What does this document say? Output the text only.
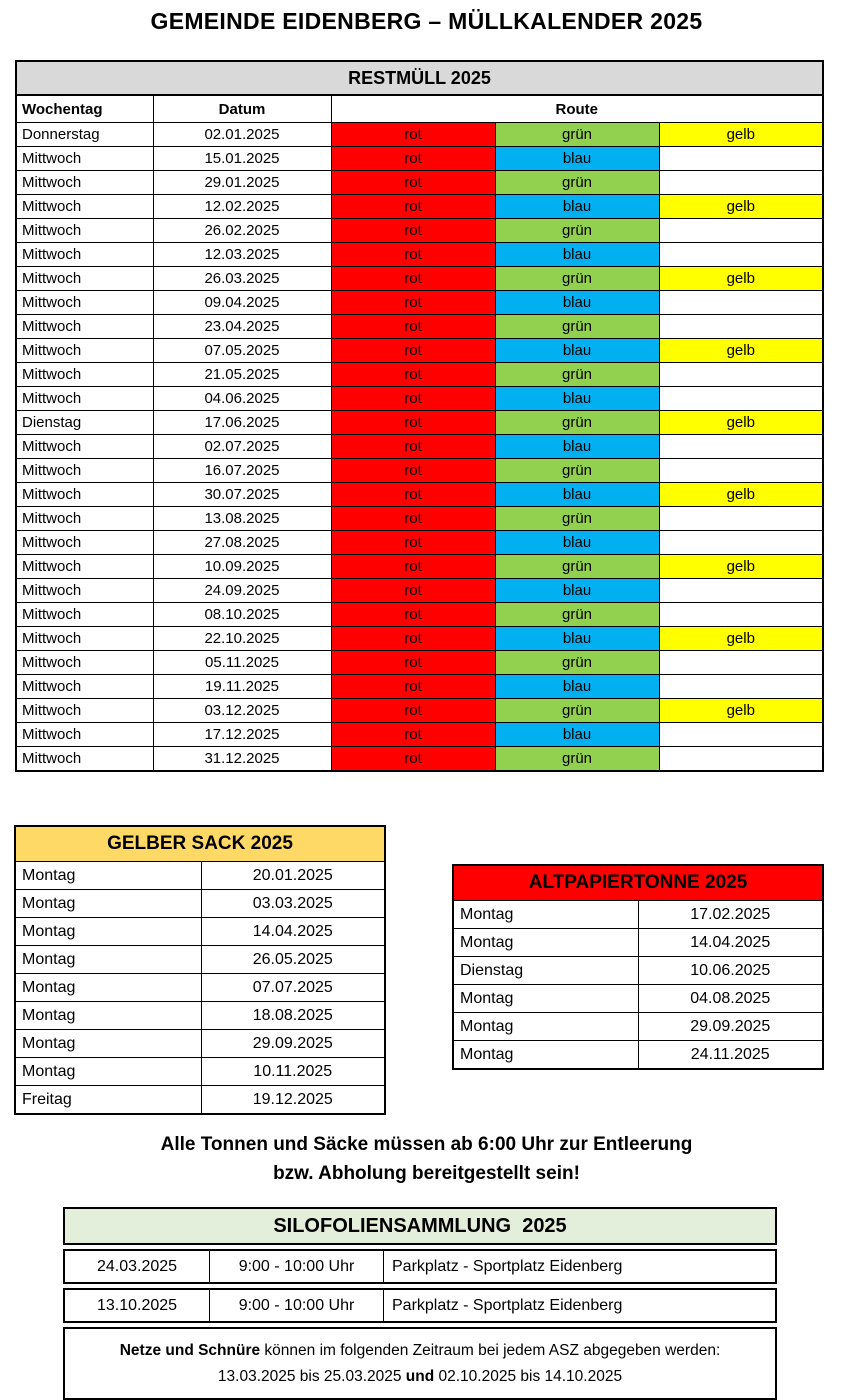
GEMEINDE EIDENBERG – MÜLLKALENDER 2025
RESTMÜLL 2025				
Wochentag	Datum	Route		
Donnerstag	02.01.2025	rot	grün	gelb
Mittwoch	15.01.2025	rot	blau	
Mittwoch	29.01.2025	rot	grün	
Mittwoch	12.02.2025	rot	blau	gelb
Mittwoch	26.02.2025	rot	grün	
Mittwoch	12.03.2025	rot	blau	
Mittwoch	26.03.2025	rot	grün	gelb
Mittwoch	09.04.2025	rot	blau	
Mittwoch	23.04.2025	rot	grün	
Mittwoch	07.05.2025	rot	blau	gelb
Mittwoch	21.05.2025	rot	grün	
Mittwoch	04.06.2025	rot	blau	
Dienstag	17.06.2025	rot	grün	gelb
Mittwoch	02.07.2025	rot	blau	
Mittwoch	16.07.2025	rot	grün	
Mittwoch	30.07.2025	rot	blau	gelb
Mittwoch	13.08.2025	rot	grün	
Mittwoch	27.08.2025	rot	blau	
Mittwoch	10.09.2025	rot	grün	gelb
Mittwoch	24.09.2025	rot	blau	
Mittwoch	08.10.2025	rot	grün	
Mittwoch	22.10.2025	rot	blau	gelb
Mittwoch	05.11.2025	rot	grün	
Mittwoch	19.11.2025	rot	blau	
Mittwoch	03.12.2025	rot	grün	gelb
Mittwoch	17.12.2025	rot	blau	
Mittwoch	31.12.2025	rot	grün	
GELBER SACK 2025	
Montag	20.01.2025
Montag	03.03.2025
Montag	14.04.2025
Montag	26.05.2025
Montag	07.07.2025
Montag	18.08.2025
Montag	29.09.2025
Montag	10.11.2025
Freitag	19.12.2025
ALTPAPIERTONNE 2025	
Montag	17.02.2025
Montag	14.04.2025
Dienstag	10.06.2025
Montag	04.08.2025
Montag	29.09.2025
Montag	24.11.2025
Alle Tonnen und Säcke müssen ab 6:00 Uhr zur Entleerung
bzw. Abholung bereitgestellt sein!
SILOFOLIENSAMMLUNG  2025
24.03.2025	9:00 - 10:00 Uhr	Parkplatz - Sportplatz Eidenberg
13.10.2025	9:00 - 10:00 Uhr	Parkplatz - Sportplatz Eidenberg
Netze und Schnüre können im folgenden Zeitraum bei jedem ASZ abgegeben werden:
13.03.2025 bis 25.03.2025 und 02.10.2025 bis 14.10.2025
